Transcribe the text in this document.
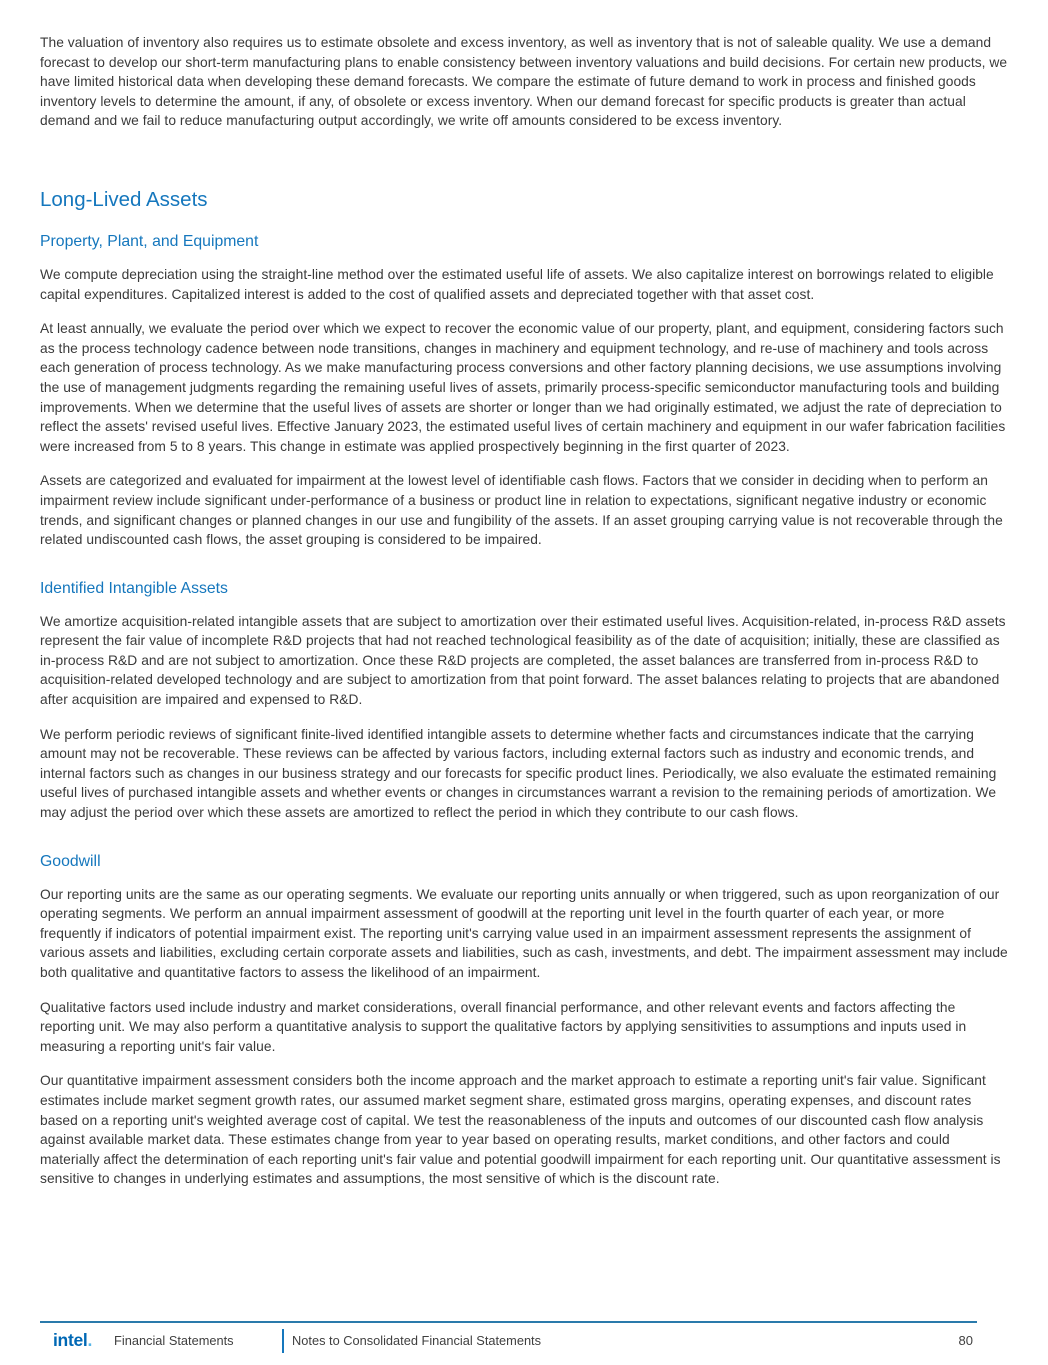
The valuation of inventory also requires us to estimate obsolete and excess inventory, as well as inventory that is not of saleable quality. We use a demand forecast to develop our short-term manufacturing plans to enable consistency between inventory valuations and build decisions. For certain new products, we have limited historical data when developing these demand forecasts. We compare the estimate of future demand to work in process and finished goods inventory levels to determine the amount, if any, of obsolete or excess inventory. When our demand forecast for specific products is greater than actual demand and we fail to reduce manufacturing output accordingly, we write off amounts considered to be excess inventory.

Long-Lived Assets
Property, Plant, and Equipment

We compute depreciation using the straight-line method over the estimated useful life of assets. We also capitalize interest on borrowings related to eligible capital expenditures. Capitalized interest is added to the cost of qualified assets and depreciated together with that asset cost.

At least annually, we evaluate the period over which we expect to recover the economic value of our property, plant, and equipment, considering factors such as the process technology cadence between node transitions, changes in machinery and equipment technology, and re-use of machinery and tools across each generation of process technology. As we make manufacturing process conversions and other factory planning decisions, we use assumptions involving the use of management judgments regarding the remaining useful lives of assets, primarily process-specific semiconductor manufacturing tools and building improvements. When we determine that the useful lives of assets are shorter or longer than we had originally estimated, we adjust the rate of depreciation to reflect the assets' revised useful lives. Effective January 2023, the estimated useful lives of certain machinery and equipment in our wafer fabrication facilities were increased from 5 to 8 years. This change in estimate was applied prospectively beginning in the first quarter of 2023.

Assets are categorized and evaluated for impairment at the lowest level of identifiable cash flows. Factors that we consider in deciding when to perform an impairment review include significant under-performance of a business or product line in relation to expectations, significant negative industry or economic trends, and significant changes or planned changes in our use and fungibility of the assets. If an asset grouping carrying value is not recoverable through the related undiscounted cash flows, the asset grouping is considered to be impaired.

Identified Intangible Assets

We amortize acquisition-related intangible assets that are subject to amortization over their estimated useful lives. Acquisition-related, in-process R&D assets represent the fair value of incomplete R&D projects that had not reached technological feasibility as of the date of acquisition; initially, these are classified as in-process R&D and are not subject to amortization. Once these R&D projects are completed, the asset balances are transferred from in-process R&D to acquisition-related developed technology and are subject to amortization from that point forward. The asset balances relating to projects that are abandoned after acquisition are impaired and expensed to R&D.

We perform periodic reviews of significant finite-lived identified intangible assets to determine whether facts and circumstances indicate that the carrying amount may not be recoverable. These reviews can be affected by various factors, including external factors such as industry and economic trends, and internal factors such as changes in our business strategy and our forecasts for specific product lines. Periodically, we also evaluate the estimated remaining useful lives of purchased intangible assets and whether events or changes in circumstances warrant a revision to the remaining periods of amortization. We may adjust the period over which these assets are amortized to reflect the period in which they contribute to our cash flows.

Goodwill

Our reporting units are the same as our operating segments. We evaluate our reporting units annually or when triggered, such as upon reorganization of our operating segments. We perform an annual impairment assessment of goodwill at the reporting unit level in the fourth quarter of each year, or more frequently if indicators of potential impairment exist. The reporting unit's carrying value used in an impairment assessment represents the assignment of various assets and liabilities, excluding certain corporate assets and liabilities, such as cash, investments, and debt. The impairment assessment may include both qualitative and quantitative factors to assess the likelihood of an impairment.

Qualitative factors used include industry and market considerations, overall financial performance, and other relevant events and factors affecting the reporting unit. We may also perform a quantitative analysis to support the qualitative factors by applying sensitivities to assumptions and inputs used in measuring a reporting unit's fair value.

Our quantitative impairment assessment considers both the income approach and the market approach to estimate a reporting unit's fair value. Significant estimates include market segment growth rates, our assumed market segment share, estimated gross margins, operating expenses, and discount rates based on a reporting unit's weighted average cost of capital. We test the reasonableness of the inputs and outcomes of our discounted cash flow analysis against available market data. These estimates change from year to year based on operating results, market conditions, and other factors and could materially affect the determination of each reporting unit's fair value and potential goodwill impairment for each reporting unit. Our quantitative assessment is sensitive to changes in underlying estimates and assumptions, the most sensitive of which is the discount rate.

intel. Financial Statements	Notes to Consolidated Financial Statements	80
